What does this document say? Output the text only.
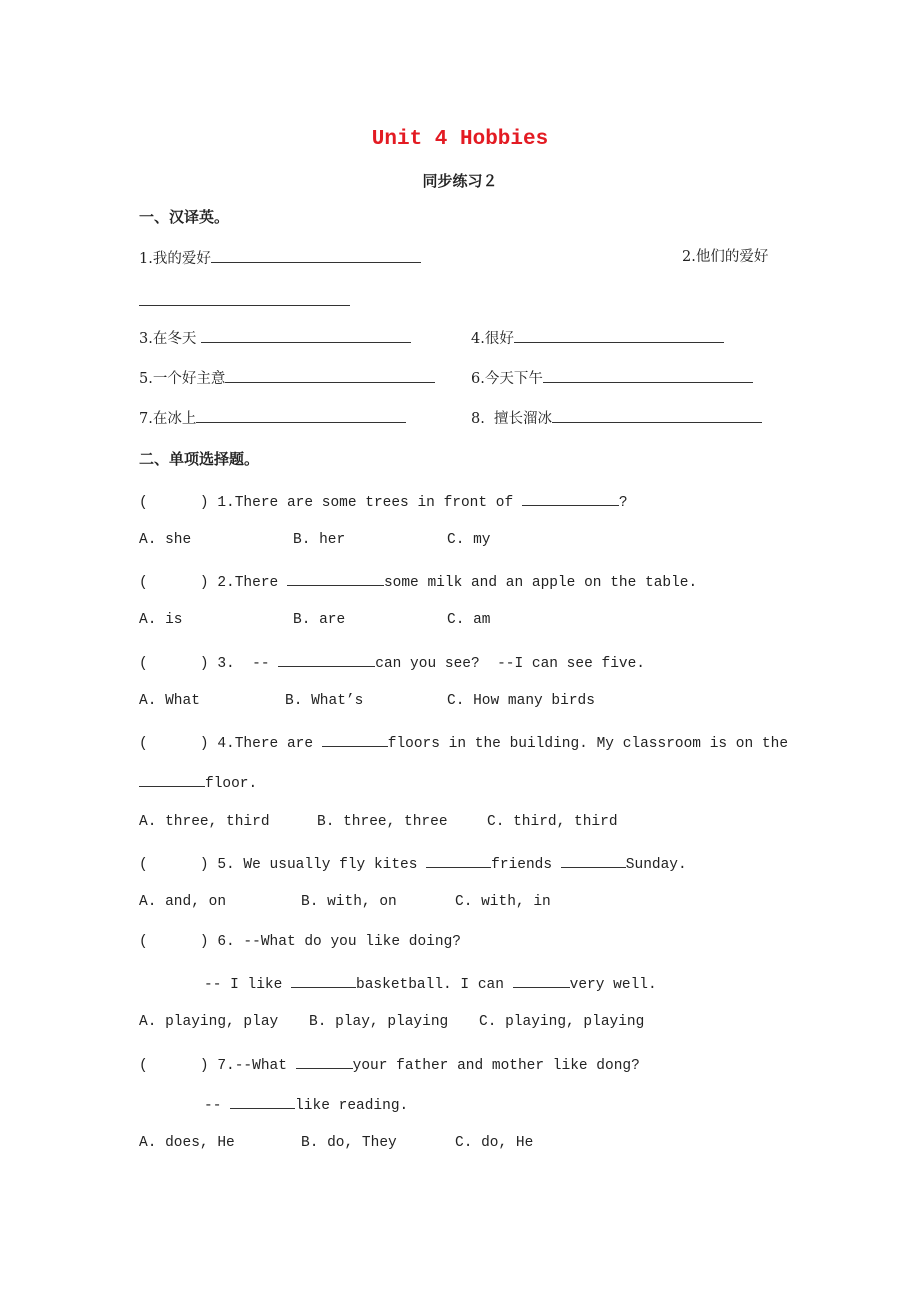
Unit 4 Hobbies
同步练习２
一、汉译英。
1.我的爱好	2.他们的爱好
3.在冬天	4.很好
5.一个好主意	6.今天下午
7.在冰上	8.  擅长溜冰
二、单项选择题。
(      ) 1.There are some trees in front of	?
A. she	B. her	C. my
(      ) 2.There	some milk and an apple on the table.
A. is	B. are	C. am
(      ) 3.  --	can you see?  --I can see five.
A. What	B. What’s	C. How many birds
(      ) 4.There are	floors in the building. My classroom is on the
floor.
A. three, third	B. three, three	C. third, third
(      ) 5. We usually fly kites	friends	Sunday.
A. and, on	B. with, on	C. with, in
(      ) 6. --What do you like doing?
-- I like	basketball. I can	very well.
A. playing, play B. play, playing C. playing, playing
(      ) 7.--What	your father and mother like dong?
--	like reading.
A. does, He	B. do, They	C. do, He
